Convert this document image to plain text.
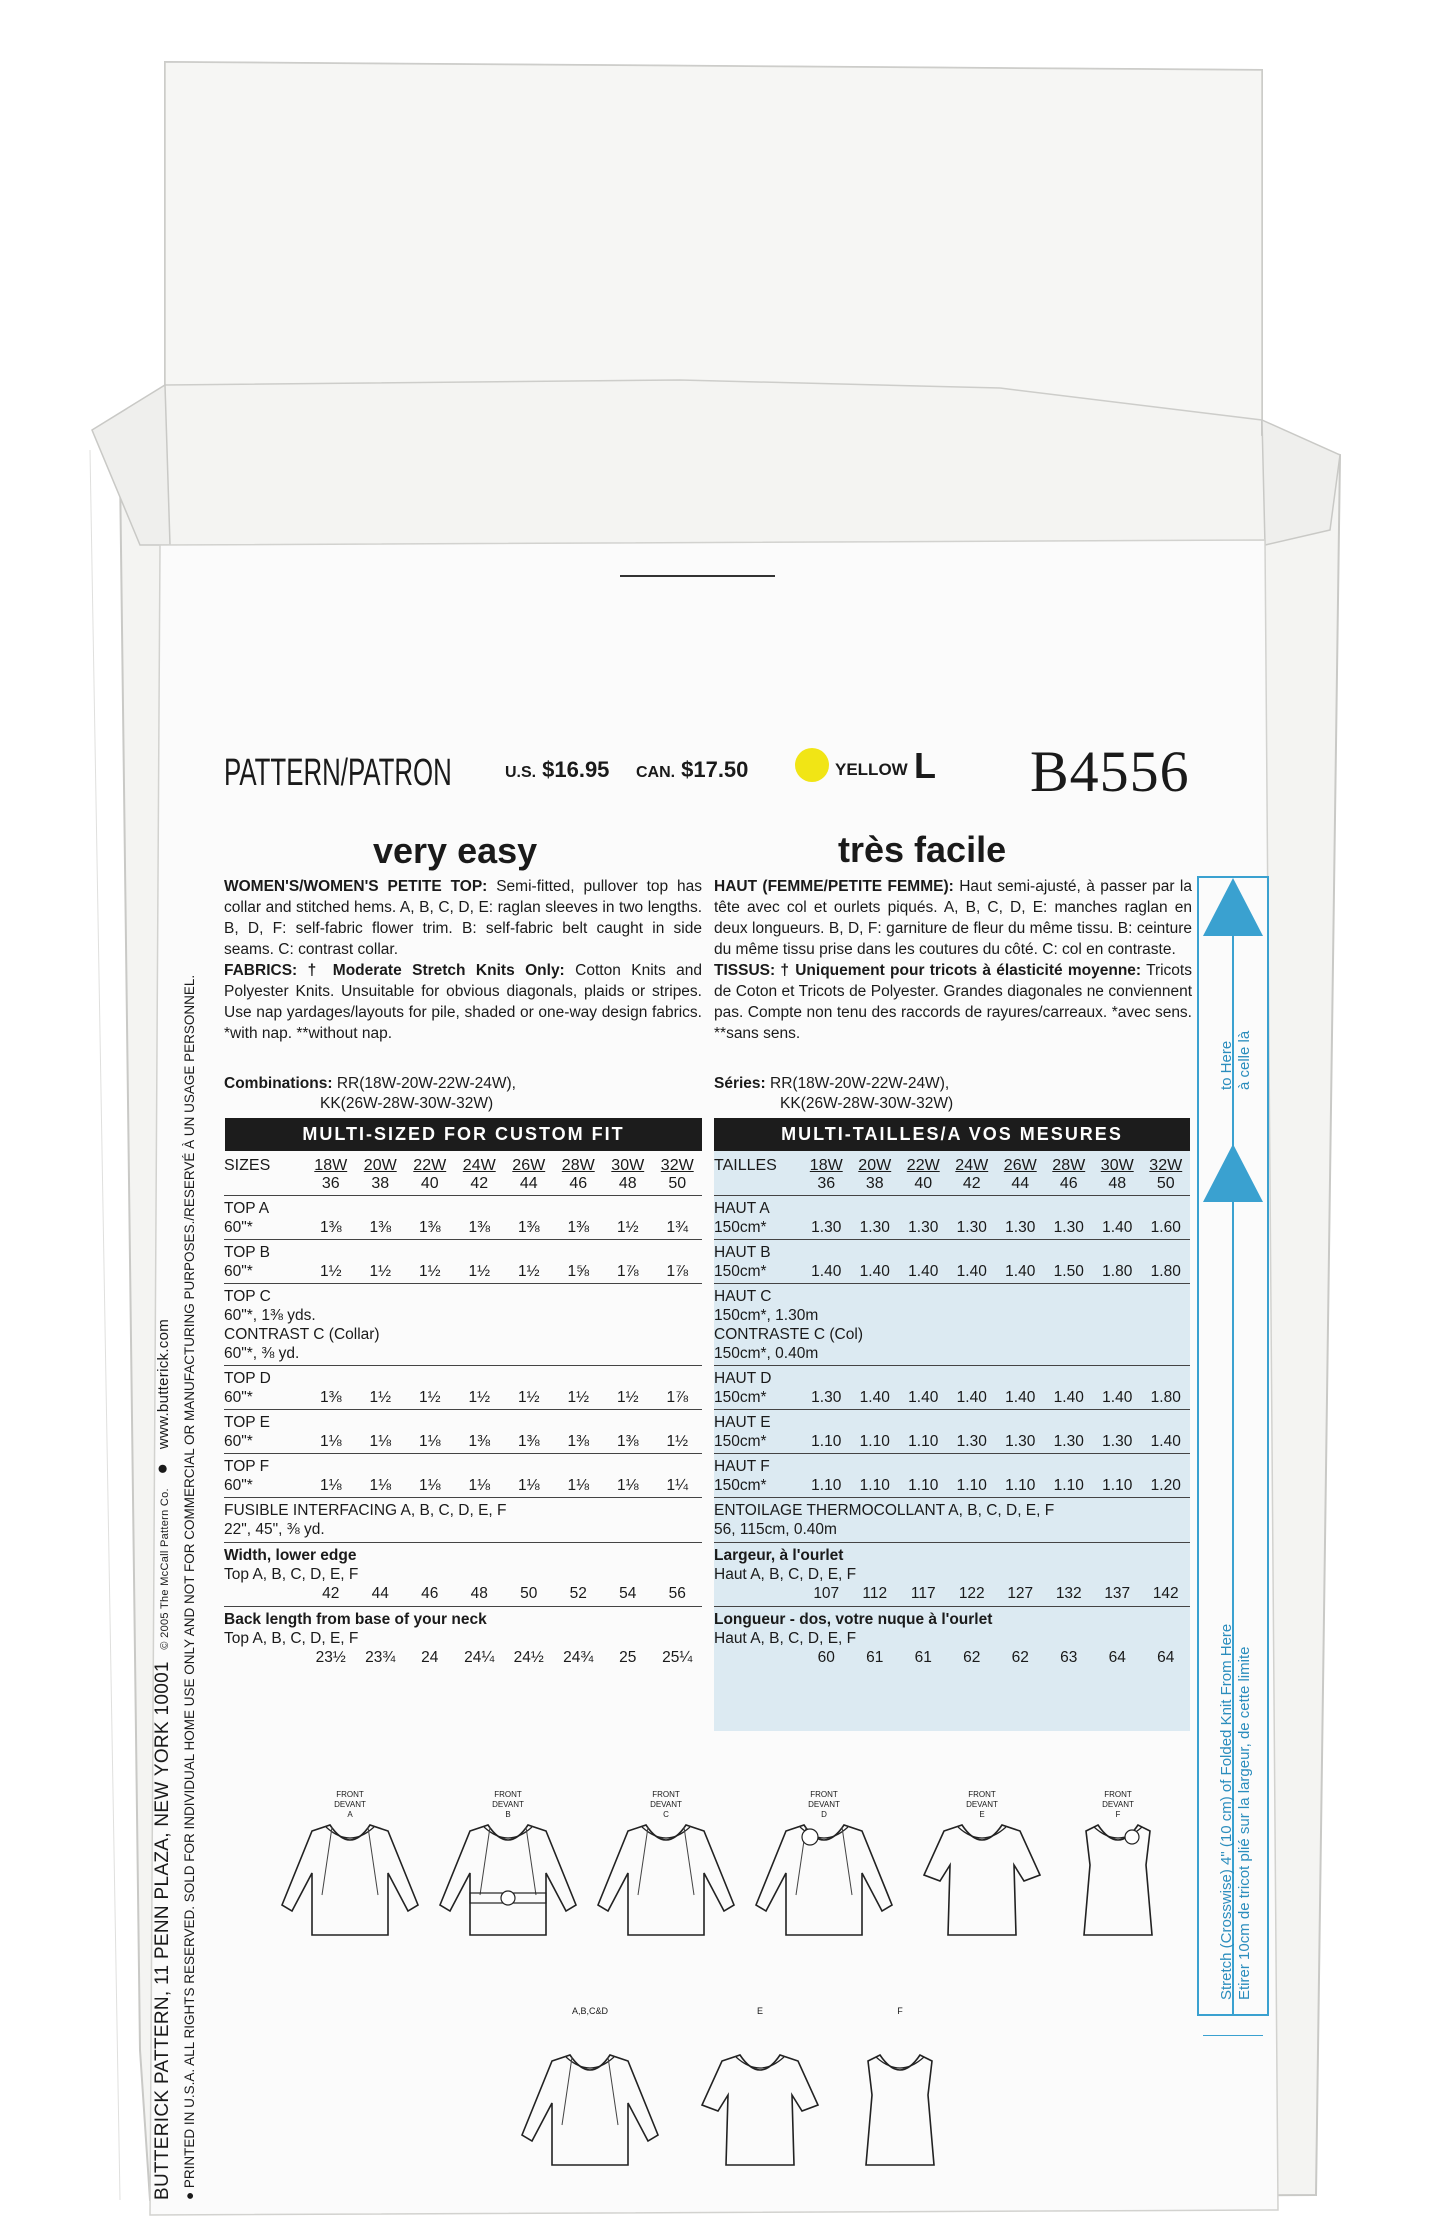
PATTERN/PATRON	U.S. $16.95 CAN. $17.50	YELLOW L B4556
very easy	très facile
WOMEN'S/WOMEN'S PETITE TOP: Semi-fitted, pullover top has collar and stitched hems. A, B, C, D, E: raglan sleeves in two lengths. B, D, F: self-fabric flower trim. B: self-fabric belt caught in side seams. C: contrast collar.
FABRICS: † Moderate Stretch Knits Only: Cotton Knits and Polyester Knits. Unsuitable for obvious diagonals, plaids or stripes. Use nap yardages/layouts for pile, shaded or one-way design fabrics. *with nap. **without nap.
HAUT (FEMME/PETITE FEMME): Haut semi-ajusté, à passer par la tête avec col et ourlets piqués. A, B, C, D, E: manches raglan en deux longueurs. B, D, F: garniture de fleur du même tissu. B: ceinture du même tissu prise dans les coutures du côté. C: col en contraste.
TISSUS: † Uniquement pour tricots à élasticité moyenne: Tricots de Coton et Tricots de Polyester. Grandes diagonales ne conviennent pas. Compte non tenu des raccords de rayures/carreaux. *avec sens. **sans sens.
Combinations: RR(18W-20W-22W-24W),
KK(26W-28W-30W-32W)
Séries: RR(18W-20W-22W-24W),
KK(26W-28W-30W-32W)
MULTI-SIZED FOR CUSTOM FIT	MULTI-TAILLES/A VOS MESURES
SIZES	18W	20W	22W	24W	26W	28W	30W	32W
36	38	40	42	44	46	48	50
TOP A
60"*	1⅜	1⅜	1⅜	1⅜	1⅜	1⅜	1½	1¾
TOP B
60"*	1½	1½	1½	1½	1½	1⅝	1⅞	1⅞
TOP C
60"*, 1⅜ yds.
CONTRAST C (Collar)
60"*, ⅜ yd.
TOP D
60"*	1⅜	1½	1½	1½	1½	1½	1½	1⅞
TOP E
60"*	1⅛	1⅛	1⅛	1⅜	1⅜	1⅜	1⅜	1½
TOP F
60"*	1⅛	1⅛	1⅛	1⅛	1⅛	1⅛	1⅛	1¼
FUSIBLE INTERFACING A, B, C, D, E, F
22", 45", ⅜ yd.
Width, lower edge
Top A, B, C, D, E, F
42	44	46	48	50	52	54	56
Back length from base of your neck
Top A, B, C, D, E, F
23½	23¾	24	24¼	24½	24¾	25	25¼
TAILLES	18W 20W 22W 24W 26W 28W 30W 32W
36	38	40	42	44	46	48	50
HAUT A
150cm*	1.30	1.30	1.30	1.30	1.30	1.30	1.40	1.60
HAUT B
150cm*	1.40	1.40	1.40	1.40	1.40	1.50	1.80	1.80
HAUT C
150cm*, 1.30m
CONTRASTE C (Col)
150cm*, 0.40m
HAUT D
150cm*	1.30	1.40	1.40	1.40	1.40	1.40	1.40	1.80
HAUT E
150cm*	1.10	1.10	1.10	1.30	1.30	1.30	1.30	1.40
HAUT F
150cm*	1.10	1.10	1.10	1.10	1.10	1.10	1.10	1.20
ENTOILAGE THERMOCOLLANT A, B, C, D, E, F
56, 115cm, 0.40m
Largeur, à l'ourlet
Haut A, B, C, D, E, F
107	112	117	122	127	132	137	142
Longueur - dos, votre nuque à l'ourlet
Haut A, B, C, D, E, F
60	61	61	62	62	63	64	64
FRONT
DEVANT
A
FRONT
DEVANT
B
FRONT
DEVANT
C
FRONT
DEVANT
D
FRONT
DEVANT
E
FRONT
DEVANT
F
A,B,C&D	E	F
BUTTERICK PATTERN, 11 PENN PLAZA, NEW YORK 10001 © 2005 The McCall Pattern Co. ● www.butterick.com
● PRINTED IN U.S.A. ALL RIGHTS RESERVED. SOLD FOR INDIVIDUAL HOME USE ONLY AND NOT FOR COMMERCIAL OR MANUFACTURING PURPOSES./RESERVÉ À UN USAGE PERSONNEL.	to Here à celle là
Stretch (Crosswise) 4" (10 cm) of Folded Knit From Here Etirer 10cm de tricot plié sur la largeur, de cette limite
